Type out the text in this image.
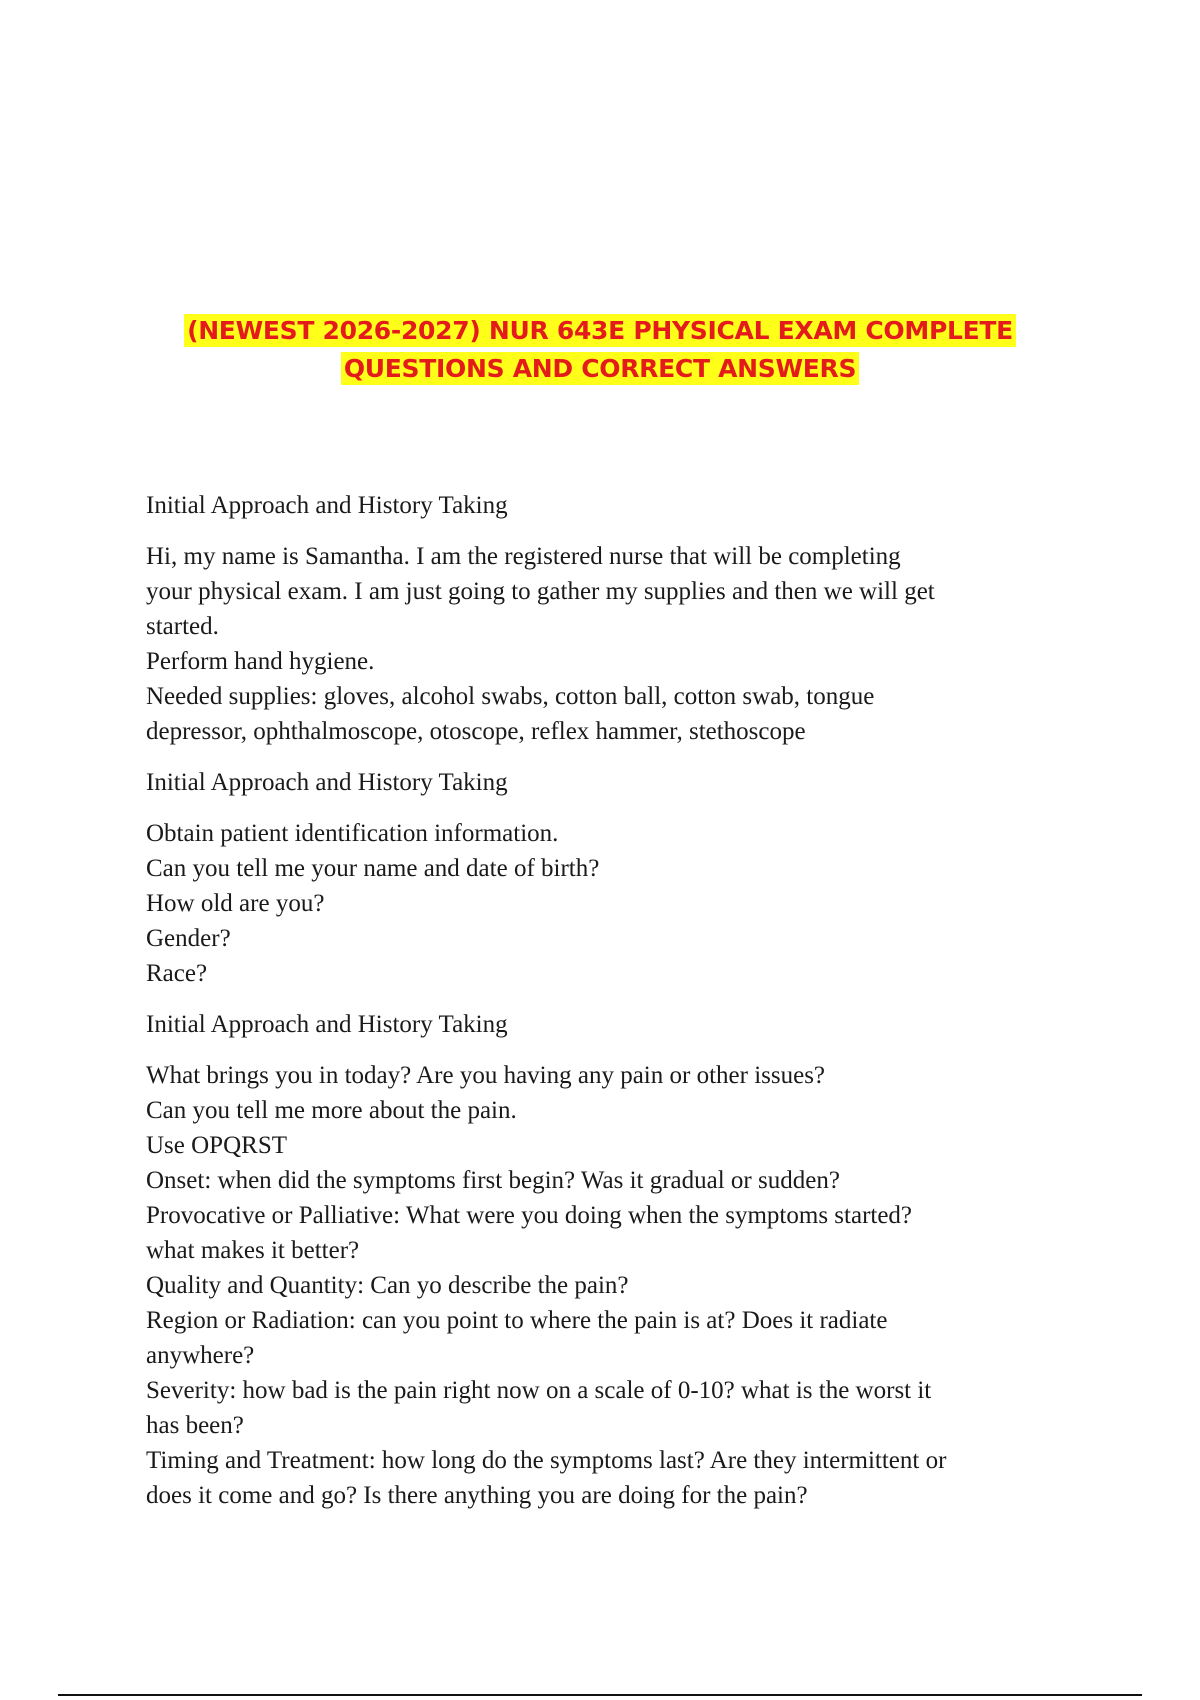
(NEWEST 2026-2027) NUR 643E PHYSICAL EXAM COMPLETE
QUESTIONS AND CORRECT ANSWERS

Initial Approach and History Taking

Hi, my name is Samantha. I am the registered nurse that will be completing

your physical exam. I am just going to gather my supplies and then we will get

started.

Perform hand hygiene.

Needed supplies: gloves, alcohol swabs, cotton ball, cotton swab, tongue

depressor, ophthalmoscope, otoscope, reflex hammer, stethoscope

Initial Approach and History Taking

Obtain patient identification information.

Can you tell me your name and date of birth?

How old are you?

Gender?

Race?

Initial Approach and History Taking

What brings you in today? Are you having any pain or other issues?

Can you tell me more about the pain.

Use OPQRST

Onset: when did the symptoms first begin? Was it gradual or sudden?

Provocative or Palliative: What were you doing when the symptoms started?

what makes it better?

Quality and Quantity: Can yo describe the pain?

Region or Radiation: can you point to where the pain is at? Does it radiate

anywhere?

Severity: how bad is the pain right now on a scale of 0-10? what is the worst it

has been?

Timing and Treatment: how long do the symptoms last? Are they intermittent or

does it come and go? Is there anything you are doing for the pain?
